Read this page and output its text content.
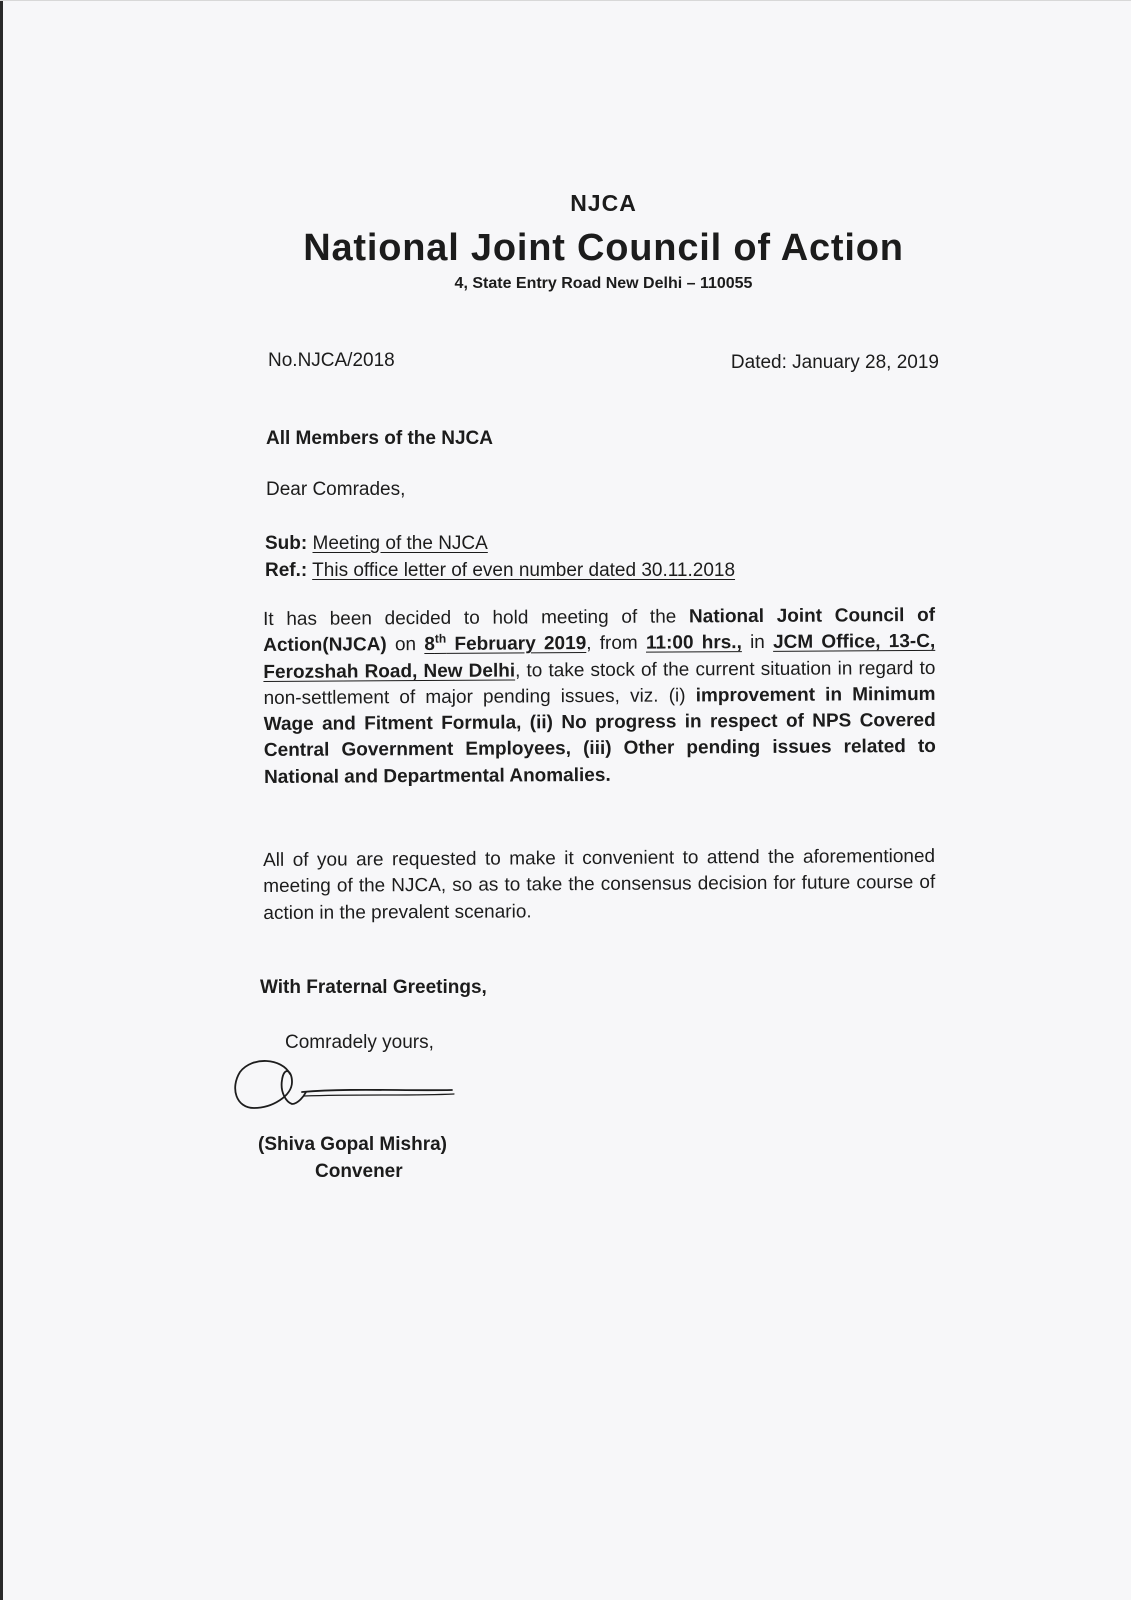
NJCA
National Joint Council of Action
4, State Entry Road New Delhi – 110055
No.NJCA/2018	Dated: January 28, 2019
All Members of the NJCA
Dear Comrades,
Sub: Meeting of the NJCA
Ref.: This office letter of even number dated 30.11.2018
It has been decided to hold meeting of the National Joint Council of Action(NJCA) on 8th February 2019, from 11:00 hrs., in JCM Office, 13-C, Ferozshah Road, New Delhi, to take stock of the current situation in regard to non-settlement of major pending issues, viz. (i) improvement in Minimum Wage and Fitment Formula, (ii) No progress in respect of NPS Covered Central Government Employees, (iii) Other pending issues related to National and Departmental Anomalies.
All of you are requested to make it convenient to attend the aforementioned meeting of the NJCA, so as to take the consensus decision for future course of action in the prevalent scenario.
With Fraternal Greetings,
Comradely yours,
(Shiva Gopal Mishra)
Convener
